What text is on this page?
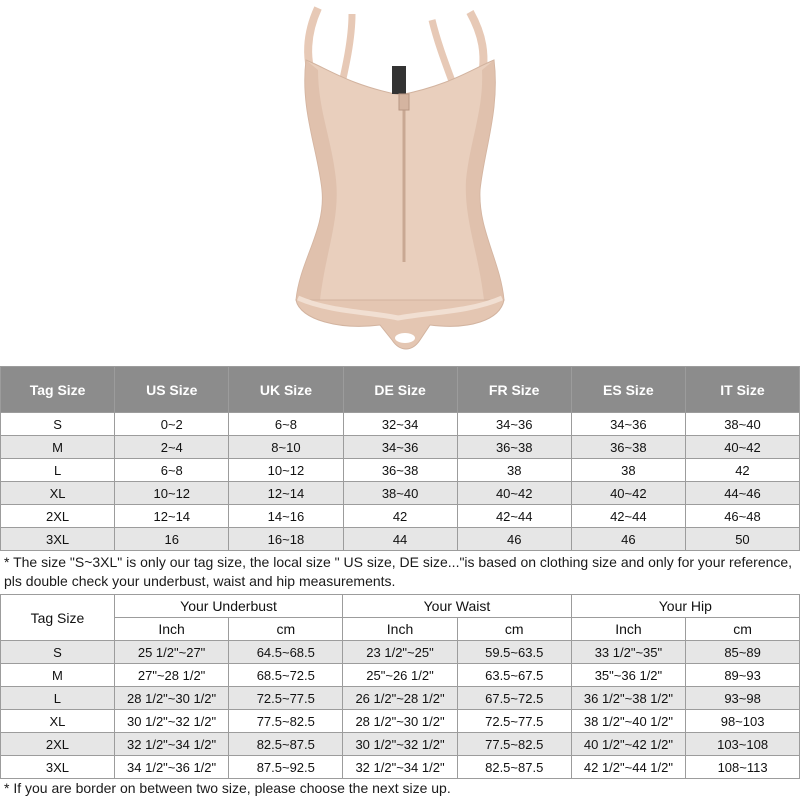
Tag Size	US Size	UK Size	DE Size	FR Size	ES Size	IT Size
S	0~2	6~8	32~34	34~36	34~36	38~40
M	2~4	8~10	34~36	36~38	36~38	40~42
L	6~8	10~12	36~38	38	38	42
XL	10~12	12~14	38~40	40~42	40~42	44~46
2XL	12~14	14~16	42	42~44	42~44	46~48
3XL	16	16~18	44	46	46	50
* The size "S~3XL" is only our tag size, the local size " US size, DE size..."is based on clothing size and only for your reference, pls double check your underbust, waist and hip measurements.
Tag Size	Your Underbust		Your Waist		Your Hip	
	Inch	cm	Inch	cm	Inch	cm
S	25 1/2"~27"	64.5~68.5	23 1/2"~25"	59.5~63.5	33 1/2"~35"	85~89
M	27"~28 1/2"	68.5~72.5	25"~26 1/2"	63.5~67.5	35"~36 1/2"	89~93
L	28 1/2"~30 1/2"	72.5~77.5	26 1/2"~28 1/2"	67.5~72.5	36 1/2"~38 1/2"	93~98
XL	30 1/2"~32 1/2"	77.5~82.5	28 1/2"~30 1/2"	72.5~77.5	38 1/2"~40 1/2"	98~103
2XL	32 1/2"~34 1/2"	82.5~87.5	30 1/2"~32 1/2"	77.5~82.5	40 1/2"~42 1/2"	103~108
3XL	34 1/2"~36 1/2"	87.5~92.5	32 1/2"~34 1/2"	82.5~87.5	42 1/2"~44 1/2"	108~113
* If you are border on between two size, please choose the next size up.
